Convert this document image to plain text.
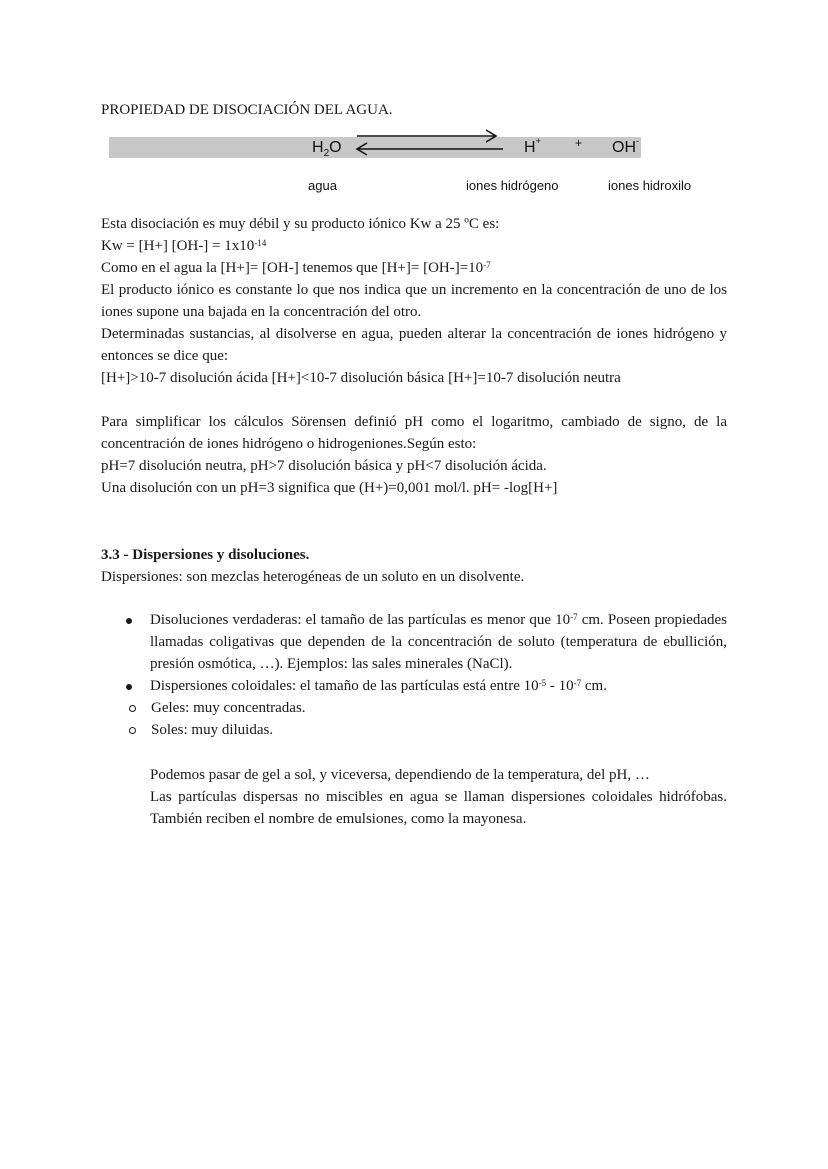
PROPIEDAD DE DISOCIACIÓN DEL AGUA.
$H_2O$	H+	+ OH-
agua	iones hidrógeno	iones hidroxilo

Esta disociación es muy débil y su producto iónico Kw a 25 ºC es:

Kw = [H+] $[OH-] = 1x10^{-14}$

Como en el agua la [H+]= [OH-] tenemos que $[H+]= [OH-]=10^{-7}$

El producto iónico es constante lo que nos indica que un incremento en la concentración de uno de los iones supone una bajada en la concentración del otro.

Determinadas sustancias, al disolverse en agua, pueden alterar la concentración de iones hidrógeno y entonces se dice que:

[H+]>10-7 disolución ácida [H+]<10-7 disolución básica [H+]=10-7 disolución neutra

Para simplificar los cálculos Sörensen definió pH como el logaritmo, cambiado de signo, de la concentración de iones hidrógeno o hidrogeniones.Según esto:

pH=7 disolución neutra, pH>7 disolución básica y pH<7 disolución ácida.

Una disolución con un pH=3 significa que (H+)=0,001 mol/l. pH= -log[H+]

3.3 - Dispersiones y disoluciones.

Dispersiones: son mezclas heterogéneas de un soluto en un disolvente.

Disoluciones verdaderas: el tamaño de las partículas es menor que $10^{-7}$ cm. Poseen propiedades llamadas coligativas que dependen de la concentración de soluto (temperatura de ebullición, presión osmótica, …). Ejemplos: las sales minerales (NaCl).
Dispersiones coloidales: el tamaño de las partículas está entre $10^{-5} - 10^{-7}$ cm.
Geles: muy concentradas.
Soles: muy diluidas.

Podemos pasar de gel a sol, y viceversa, dependiendo de la temperatura, del pH, …

Las partículas dispersas no miscibles en agua se llaman dispersiones coloidales hidrófobas. También reciben el nombre de emulsiones, como la mayonesa.
